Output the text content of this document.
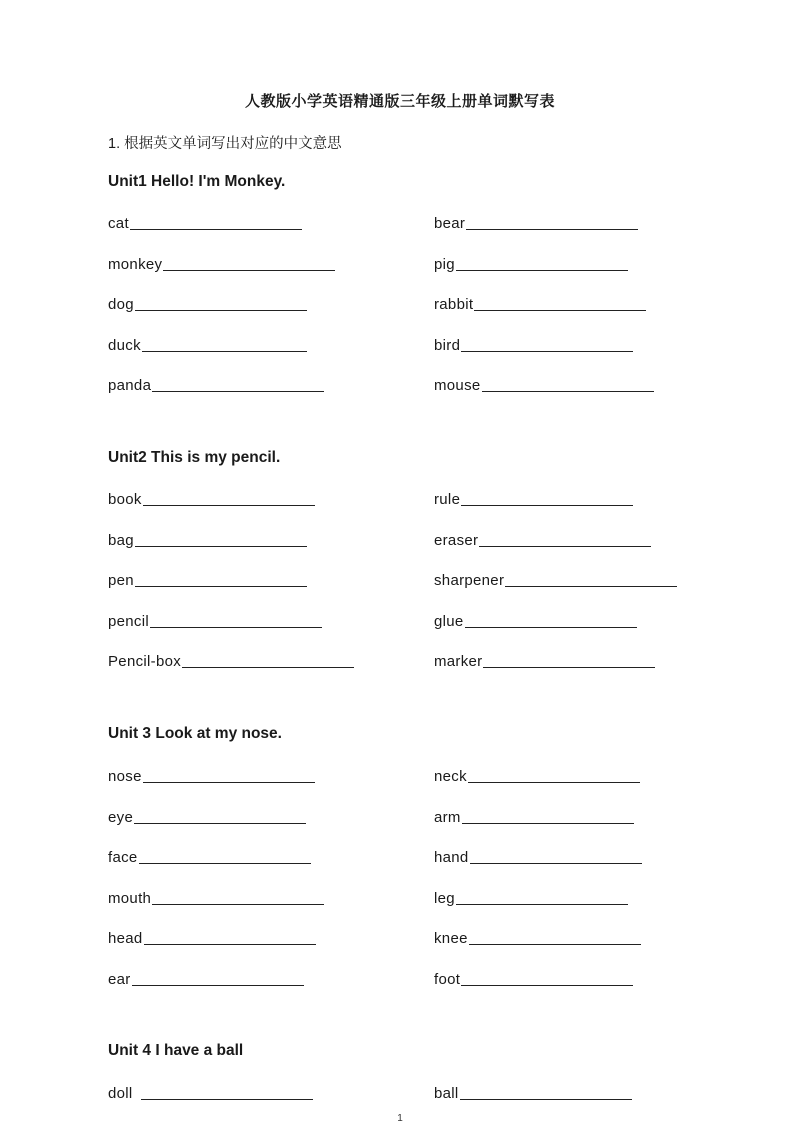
人教版小学英语精通版三年级上册单词默写表
1. 根据英文单词写出对应的中文意思
Unit1 Hello! I'm Monkey.
cat
monkey
dog
duck
panda
bear
pig
rabbit
bird
mouse
Unit2 This is my pencil.
book
bag
pen
pencil
Pencil-box
rule
eraser
sharpener
glue
marker
Unit 3 Look at my nose.
nose
eye
face
mouth
head
ear
neck
arm
hand
leg
knee
foot
Unit 4 I have a ball
doll	ball
1
